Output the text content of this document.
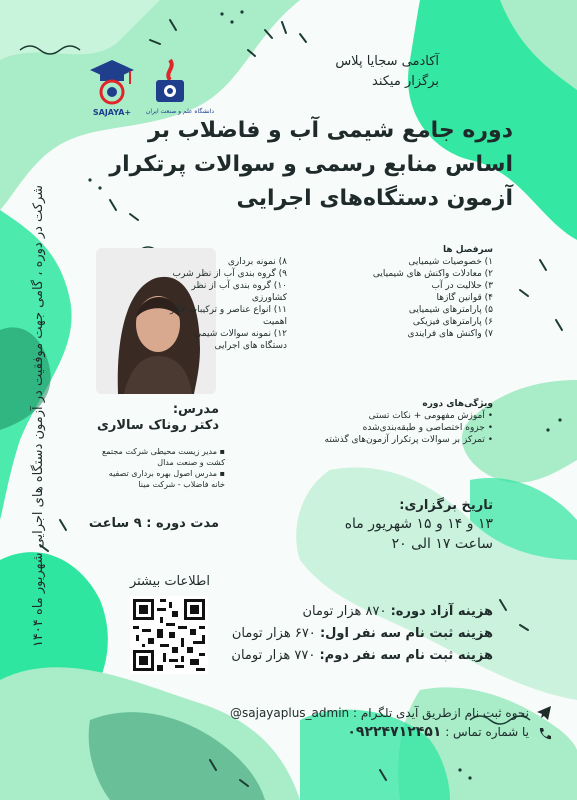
SAJAYA+	دانشگاه علم و صنعت ایران
آکادمی سجایا پلاس
برگزار میکند
دوره جامع شیمی آب و فاضلاب بر
اساس منابع رسمی و سوالات پرتکرار
آزمون دستگاه‌های اجرایی
شرکت در دوره ، گامی جهت موفقیت در آزمون دستگاه های اجرایی شهریور ماه ۱۴۰۴	سرفصل ها
۱) خصوصیات شیمیایی
۲) معادلات واکنش های شیمیایی
۳) حلالیت در آب
۴) قوانین گازها
۵) پارامترهای شیمیایی
۶) پارامترهای فیزیکی
۷) واکنش های فرایندی
۸) نمونه برداری
۹) گروه بندی آب از نظر شرب
۱۰) گروه بندی آب از نظر
کشاورزی
۱۱) انواع عناصر و ترکیبات حائز
اهمیت
۱۲) نمونه سوالات شیمی
دستگاه های اجرایی
ویژگی‌های دوره
• آموزش مفهومی + نکات تستی
• جزوه اختصاصی و طبقه‌بندی‌شده
• تمرکز بر سوالات پرتکرار آزمون‌های گذشته
مدرس:
دکتر روناک سالاری
▪ مدیر زیست محیطی شرکت مجتمع
کشت و صنعت مدال
▪ مدرس اصول بهره برداری تصفیه
خانه فاضلاب - شرکت مینا
مدت دوره : ۹ ساعت
تاریخ برگزاری:
۱۳ و ۱۴ و ۱۵ شهریور ماه
ساعت ۱۷ الی ۲۰
اطلاعات بیشتر
هزینه آزاد دوره: ۸۷۰ هزار تومان
هزینه ثبت نام سه نفر اول: ۶۷۰ هزار تومان
هزینه ثبت نام سه نفر دوم: ۷۷۰ هزار تومان
نحوه ثبت نام ازطریق آیدی تلگرام : @sajayaplus_admin
یا شماره تماس : ۰۹۲۲۴۷۱۲۴۵۱
